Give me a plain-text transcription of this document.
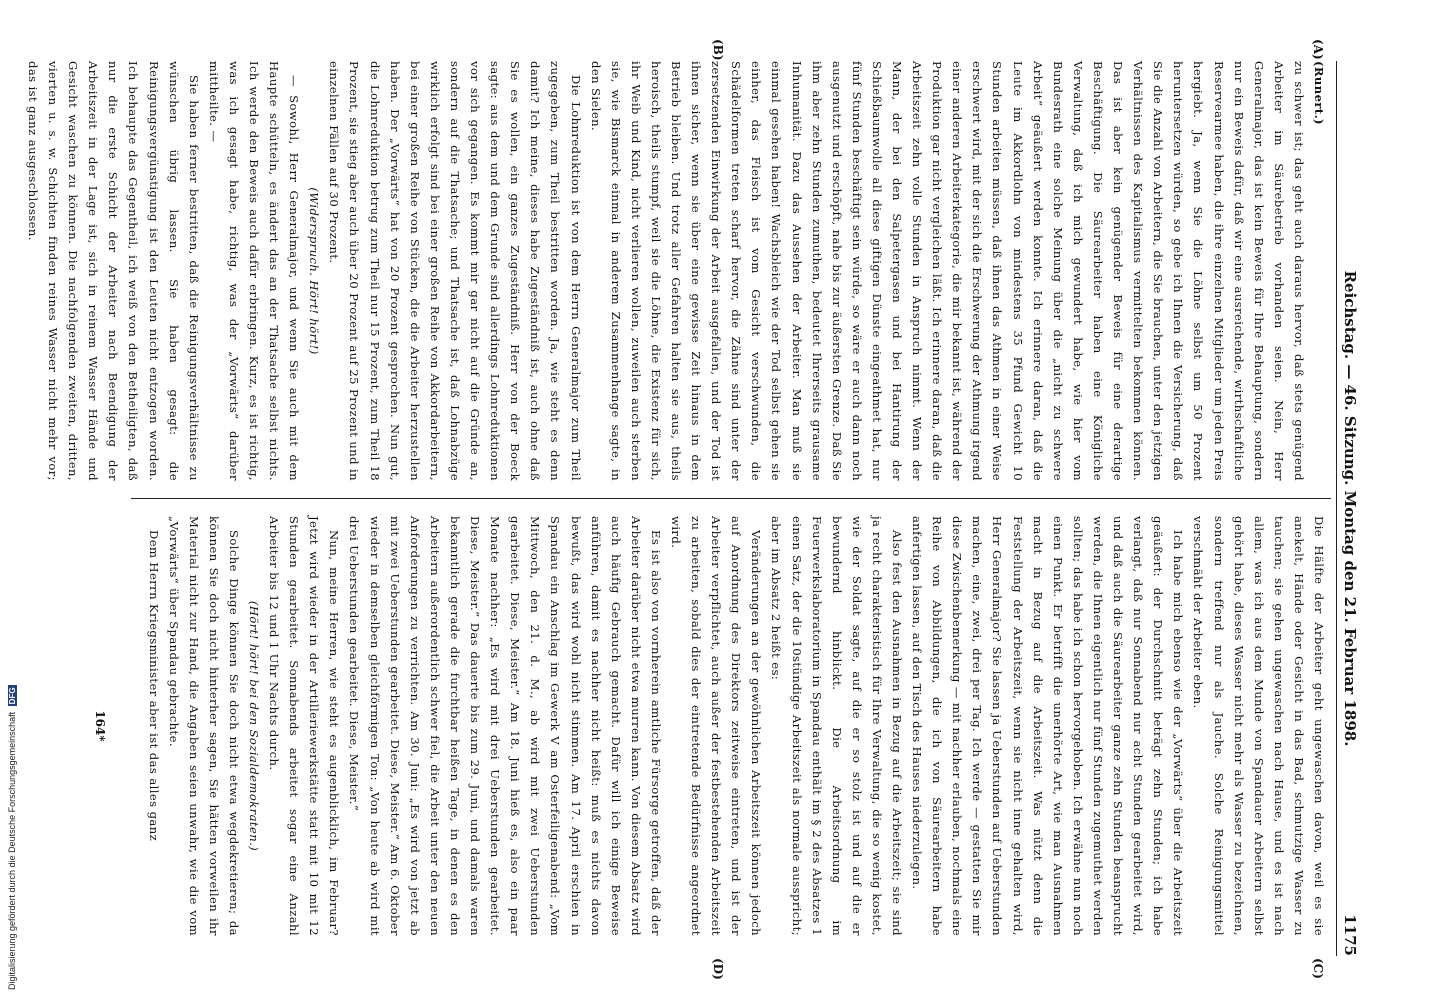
Reichstag. — 46. Sitzung. Montag den 21. Februar 1898.
1175
(A)
(B)
(C)
(D)

(Runert.)

zu schwer ist; das geht auch daraus hervor, daß stets genügend Arbeiter im Säurebetrieb vorhanden seien. Nein, Herr Generalmajor, das ist kein Beweis für Ihre Behauptung, sondern nur ein Beweis dafür, daß wir eine ausreichende, wirthschaftliche Reservearmee haben, die ihre einzelnen Mitglieder um jeden Preis hergiebt. Ja, wenn Sie die Löhne selbst um 50 Prozent heruntersetzen würden, so gebe ich Ihnen die Versicherung, daß Sie die Anzahl von Arbeitern, die Sie brauchen, unter den jetzigen Verhältnissen des Kapitalismus vermittelten bekommen können. Das ist aber kein genügender Beweis für eine derartige Beschäftigung. Die Säurearbeiter haben eine Königliche Verwaltung, daß ich mich gewundert habe, wie hier vom Bundesrath eine solche Meinung über die „nicht zu schwere Arbeit“ geäußert werden konnte. Ich erinnere daran, daß die Leute im Akkordlohn von mindestens 35 Pfund Gewicht 10 Stunden arbeiten müssen, daß ihnen das Athmen in einer Weise erschwert wird, mit der sich die Erschwerung der Athmung irgend einer anderen Arbeiterkategorie, die mir bekannt ist, während der Produktion gar nicht vergleichen läßt. Ich erinnere daran, daß die Arbeitszeit zehn volle Stunden in Anspruch nimmt. Wenn der Mann, der bei den Salpetergasen und bei Hantirung der Schießbaumwolle all diese giftigen Dünste eingeathmet hat, nur fünf Stunden beschäftigt sein würde, so wäre er auch dann noch ausgenutzt und erschöpft, nahe bis zur äußersten Grenze. Daß Sie ihm aber zehn Stunden zumuthen, bedeutet Ihrerseits grausame Inhumanität. Dazu das Aussehen der Arbeiter. Man muß sie einmal gesehen haben! Wachsbleich wie der Tod selbst gehen sie einher, das Fleisch ist vom Gesicht verschwunden, die Schädelformen treten scharf hervor, die Zähne sind unter der zersetzenden Einwirkung der Arbeit ausgefallen, und der Tod ist ihnen sicher, wenn sie über eine gewisse Zeit hinaus in dem Betrieb bleiben. Und trotz aller Gefahren halten sie aus, theils heroisch, theils stumpf, weil sie die Löhne, die Existenz für sich, ihr Weib und Kind, nicht verlieren wollen, zuweilen auch sterben sie, wie Bismarck einmal in anderem Zusammenhange sagte, in den Sielen.

Die Lohnreduktion ist von dem Herrn Generalmajor zum Theil zugegeben, zum Theil bestritten worden. Ja, wie steht es denn damit? Ich meine, dieses habe Zugeständniß ist, auch ohne daß Sie es wollen, ein ganzes Zugeständniß. Herr von der Boeck sagte: aus dem und dem Grunde sind allerdings Lohnreduktionen vor sich gegangen. Es kommt mir gar nicht auf die Gründe an, sondern auf die Thatsache; und Thatsache ist, daß Lohnabzüge wirklich erfolgt sind bei einer großen Reihe von Akkordarbeitern, bei einer großen Reihe von Stücken, die die Arbeiter herzustellen haben. Der „Vorwärts“ hat von 20 Prozent gesprochen. Nun gut, die Lohnreduktion betrug zum Theil nur 15 Prozent, zum Theil 18 Prozent, sie stieg aber auch über 20 Prozent auf 25 Prozent und in einzelnen Fällen auf 30 Prozent.

(Widerspruch. Hört! hört!)

— Sowohl, Herr Generalmajor, und wenn Sie auch mit dem Haupte schütteln, es ändert das an der Thatsache selbst nichts. Ich werde den Beweis auch dafür erbringen. Kurz, es ist richtig, was ich gesagt habe, richtig, was der „Vorwärts“ darüber mittheilte. —

Sie haben ferner bestritten, daß die Reinigungsverhältnisse zu wünschen übrig lassen. Sie haben gesagt: die Reinigungsvergünstigung ist den Leuten nicht entzogen worden. Ich behaupte das Gegentheil, ich weiß von den Betheiligten, daß nur die erste Schicht der Arbeiter nach Beendigung der Arbeitszeit in der Lage ist, sich in reinem Wasser Hände und Gesicht waschen zu können. Die nachfolgenden zweiten, dritten, vierten u. s. w. Schichten finden reines Wasser nicht mehr vor; das ist ganz ausgeschlossen.

Die Hälfte der Arbeiter geht ungewaschen davon, weil es sie anekelt, Hände oder Gesicht in das Bad, schmutzige Wasser zu tauchen; sie gehen ungewaschen nach Hause, und es ist nach allem, was ich aus dem Munde von Spandauer Arbeitern selbst gehört habe, dieses Wasser nicht mehr als Wasser zu bezeichnen, sondern treffend nur als Jauche. Solche Reinigungsmittel verschmäht der Arbeiter eben.

Ich habe mich ebenso wie der „Vorwärts“ über die Arbeitszeit geäußert: der Durchschnitt beträgt zehn Stunden; ich habe verlangt, daß nur Sonnabend nur acht Stunden gearbeitet wird, und daß auch die Säurearbeiter ganze zehn Stunden beansprucht werden, die Ihnen eigentlich nur fünf Stunden zugemuthet werden sollten; das habe ich schon hervorgehoben. Ich erwähne nun noch einen Punkt. Er betrifft die unerhörte Art, wie man Ausnahmen macht in Bezug auf die Arbeitszeit. Was nützt denn die Feststellung der Arbeitszeit, wenn sie nicht inne gehalten wird, Herr Generalmajor? Sie lassen ja Ueberstunden auf Ueberstunden machen, eine, zwei, drei per Tag. Ich werde — gestatten Sie mir diese Zwischenbemerkung — mit nachher erlauben, nochmals eine Reihe von Abbildungen, die ich von Säurearbeitern habe anfertigen lassen, auf den Tisch des Hauses niederzulegen.

Also fest den Ausnahmen in Bezug auf die Arbeitszeit; sie sind ja recht charakteristisch für Ihre Verwaltung, die so wenig kostet, wie der Soldat sagte, auf die er so stolz ist und auf die er bewundernd hinblickt. Die Arbeitsordnung im Feuerwerkslaboratorium in Spandau enthält im § 2 des Absatzes 1 einen Satz, der die 10stündige Arbeitszeit als normale ausspricht; aber im Absatz 2 heißt es:

Veränderungen an der gewöhnlichen Arbeitszeit können jedoch auf Anordnung des Direktors zeitweise eintreten, und ist der Arbeiter verpflichtet, auch außer der festbestehenden Arbeitszeit zu arbeiten, sobald dies der eintretende Bedürfnisse angeordnet wird.

Es ist also von vornherein amtliche Fürsorge getroffen, daß der Arbeiter darüber nicht etwa murren kann. Von diesem Absatz wird auch häufig Gebrauch gemacht. Dafür will ich einige Beweise anführen, damit es nachher nicht heißt: muß es nichts davon bewußt, das wird wohl nicht stimmen. Am 17. April erschien in Spandau ein Anschlag im Gewerk V am Osterfeiligenabend: „Vom Mittwoch, den 21. d. M., ab wird mit zwei Ueberstunden gearbeitet. Diese, Meister.“ Am 18. Juni hieß es, also ein paar Monate nachher: „Es wird mit drei Ueberstunden gearbeitet. Diese, Meister.“ Das dauerte bis zum 29. Juni, und damals waren bekanntlich gerade die furchtbar heißen Tage, in denen es den Arbeitern außerordentlich schwer fiel, die Arbeit unter den neuen Anforderungen zu verrichten. Am 30. Juni: „Es wird von jetzt ab mit zwei Ueberstunden gearbeitet. Diese, Meister.“ Am 6. Oktober wieder in demselben gleichförmigen Ton: „Von heute ab wird mit drei Ueberstunden gearbeitet. Diese, Meister.“

Nun, meine Herren, wie steht es augenblicklich, im Februar? Jetzt wird wieder in der Artilleriewerkstätte statt mit 10 mit 12 Stunden gearbeitet. Sonnabends arbeitet sogar eine Anzahl Arbeiter bis 12 und 1 Uhr Nachts durch.

(Hört! hört! bei den Sozialdemokraten.)

Solche Dinge können Sie doch nicht etwa wegdekretieren; da können Sie doch nicht hinterher sagen, Sie hätten vorweilen ihr Material nicht zur Hand, die Angaben seien unwahr, wie die vom „Vorwärts“ über Spandau gebrachte.

Dem Herrn Kriegsminister aber ist das alles ganz

164*
Digitalisierung gefördert durch die Deutsche Forschungsgemeinschaft DFG
